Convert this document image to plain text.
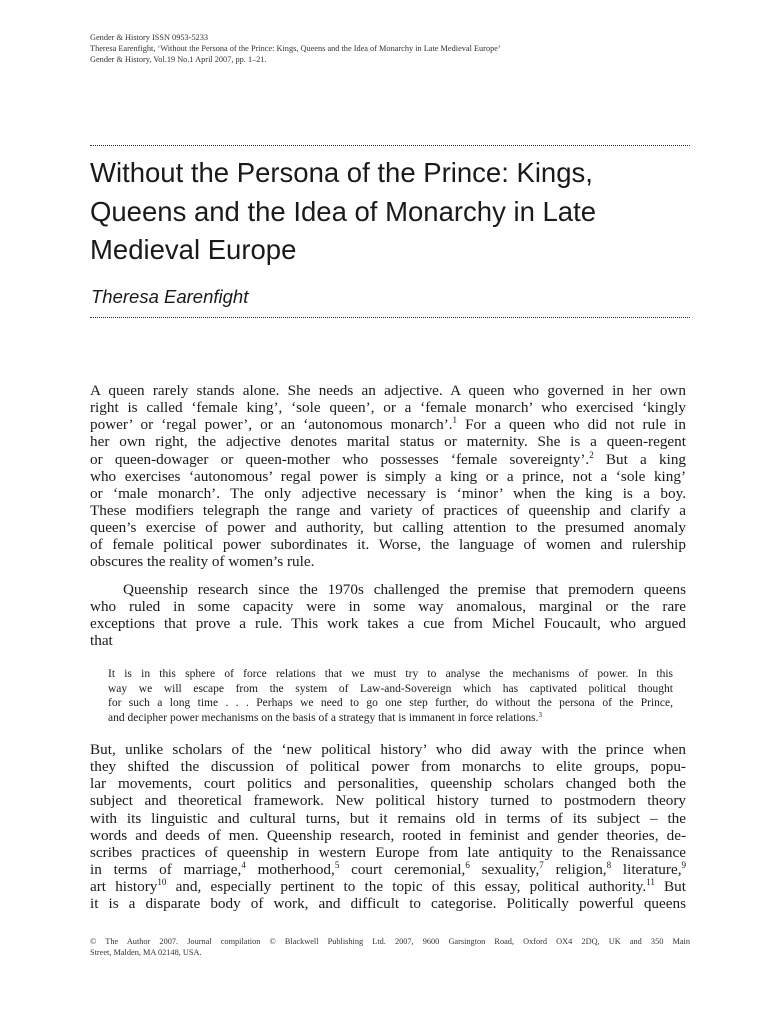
Gender & History ISSN 0953-5233
Theresa Earenfight, ‘Without the Persona of the Prince: Kings, Queens and the Idea of Monarchy in Late Medieval Europe’
Gender & History, Vol.19 No.1 April 2007, pp. 1–21.
Without the Persona of the Prince: Kings,
Queens and the Idea of Monarchy in Late
Medieval Europe
Theresa Earenfight
A queen rarely stands alone. She needs an adjective. A queen who governed in her own
right is called ‘female king’, ‘sole queen’, or a ‘female monarch’ who exercised ‘kingly
power’ or ‘regal power’, or an ‘autonomous monarch’.$^1$ For a queen who did not rule in
her own right, the adjective denotes marital status or maternity. She is a queen-regent
or queen-dowager or queen-mother who possesses ‘female sovereignty’.$^2$ But a king
who exercises ‘autonomous’ regal power is simply a king or a prince, not a ‘sole king’
or ‘male monarch’. The only adjective necessary is ‘minor’ when the king is a boy.
These modifiers telegraph the range and variety of practices of queenship and clarify a
queen’s exercise of power and authority, but calling attention to the presumed anomaly
of female political power subordinates it. Worse, the language of women and rulership
obscures the reality of women’s rule.
Queenship research since the 1970s challenged the premise that premodern queens
who ruled in some capacity were in some way anomalous, marginal or the rare
exceptions that prove a rule. This work takes a cue from Michel Foucault, who argued
that
It is in this sphere of force relations that we must try to analyse the mechanisms of power. In this
way we will escape from the system of Law-and-Sovereign which has captivated political thought
for such a long time . . . Perhaps we need to go one step further, do without the persona of the Prince,
and decipher power mechanisms on the basis of a strategy that is immanent in force relations.$^3$
But, unlike scholars of the ‘new political history’ who did away with the prince when
they shifted the discussion of political power from monarchs to elite groups, popu-
lar movements, court politics and personalities, queenship scholars changed both the
subject and theoretical framework. New political history turned to postmodern theory
with its linguistic and cultural turns, but it remains old in terms of its subject – the
words and deeds of men. Queenship research, rooted in feminist and gender theories, de-
scribes practices of queenship in western Europe from late antiquity to the Renaissance
in terms of marriage,$^4$ motherhood,$^5$ court ceremonial,$^6$ sexuality,$^7$ religion,$^8$ literature,$^9$
art history$^{10}$ and, especially pertinent to the topic of this essay, political authority.$^{11}$ But
it is a disparate body of work, and difficult to categorise. Politically powerful queens
© The Author 2007. Journal compilation © Blackwell Publishing Ltd. 2007, 9600 Garsington Road, Oxford OX4 2DQ, UK and 350 Main
Street, Malden, MA 02148, USA.
